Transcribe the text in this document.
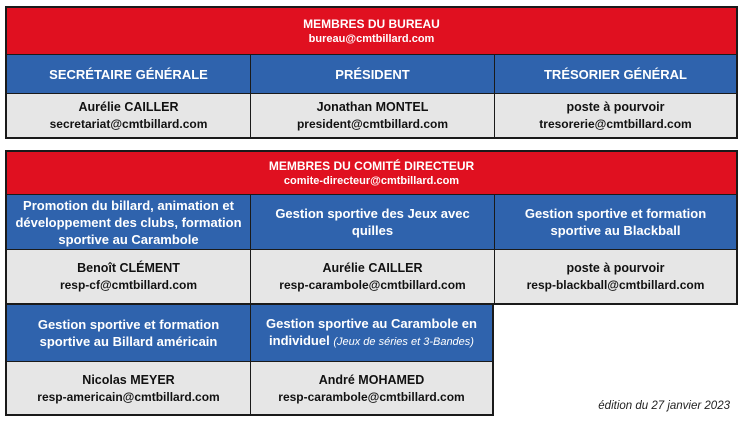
MEMBRES DU BUREAU
bureau@cmtbillard.com
SECRÉTAIRE GÉNÉRALE	PRÉSIDENT	TRÉSORIER GÉNÉRAL
Aurélie CAILLER
secretariat@cmtbillard.com
Jonathan MONTEL
president@cmtbillard.com
poste à pourvoir
tresorerie@cmtbillard.com
MEMBRES DU COMITÉ DIRECTEUR
comite-directeur@cmtbillard.com
Promotion du billard, animation et développement des clubs, formation sportive au Carambole
Gestion sportive des Jeux avec quilles
Gestion sportive et formation sportive au Blackball
Benoît CLÉMENT
resp-cf@cmtbillard.com
Aurélie CAILLER
resp-carambole@cmtbillard.com
poste à pourvoir
resp-blackball@cmtbillard.com
Gestion sportive et formation sportive au Billard américain
Gestion sportive au Carambole en individuel (Jeux de séries et 3-Bandes)
Nicolas MEYER
resp-americain@cmtbillard.com
André MOHAMED
resp-carambole@cmtbillard.com
édition du 27 janvier 2023
